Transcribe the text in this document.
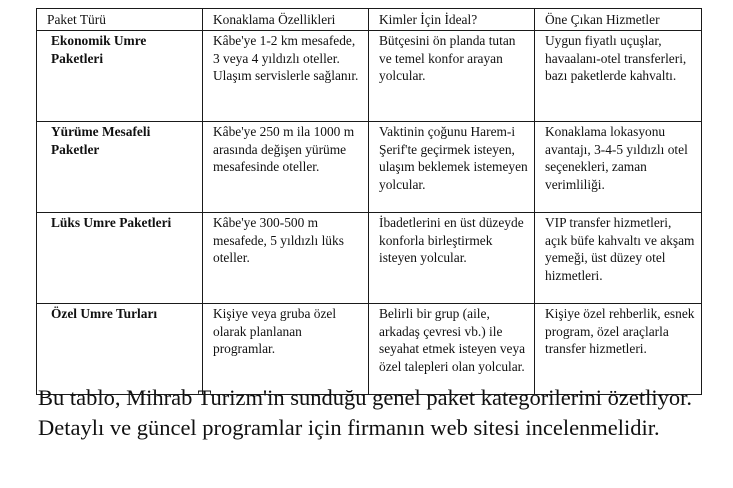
Paket Türü	Konaklama Özellikleri	Kimler İçin İdeal?	Öne Çıkan Hizmetler
Ekonomik Umre Paketleri	Kâbe'ye 1-2 km mesafede, 3 veya 4 yıldızlı oteller. Ulaşım servislerle sağlanır.	Bütçesini ön planda tutan ve temel konfor arayan yolcular.	Uygun fiyatlı uçuşlar, havaalanı-otel transferleri, bazı paketlerde kahvaltı.
Yürüme Mesafeli Paketler	Kâbe'ye 250 m ila 1000 m arasında değişen yürüme mesafesinde oteller.	Vaktinin çoğunu Harem-i Şerif'te geçirmek isteyen, ulaşım beklemek istemeyen yolcular.	Konaklama lokasyonu avantajı, 3-4-5 yıldızlı otel seçenekleri, zaman verimliliği.
Lüks Umre Paketleri	Kâbe'ye 300-500 m mesafede, 5 yıldızlı lüks oteller.	İbadetlerini en üst düzeyde konforla birleştirmek isteyen yolcular.	VIP transfer hizmetleri, açık büfe kahvaltı ve akşam yemeği, üst düzey otel hizmetleri.
Özel Umre Turları	Kişiye veya gruba özel olarak planlanan programlar.	Belirli bir grup (aile, arkadaş çevresi vb.) ile seyahat etmek isteyen veya özel talepleri olan yolcular.	Kişiye özel rehberlik, esnek program, özel araçlarla transfer hizmetleri.

Bu tablo, Mihrab Turizm'in sunduğu genel paket kategorilerini özetliyor. Detaylı ve güncel programlar için firmanın web sitesi incelenmelidir.
